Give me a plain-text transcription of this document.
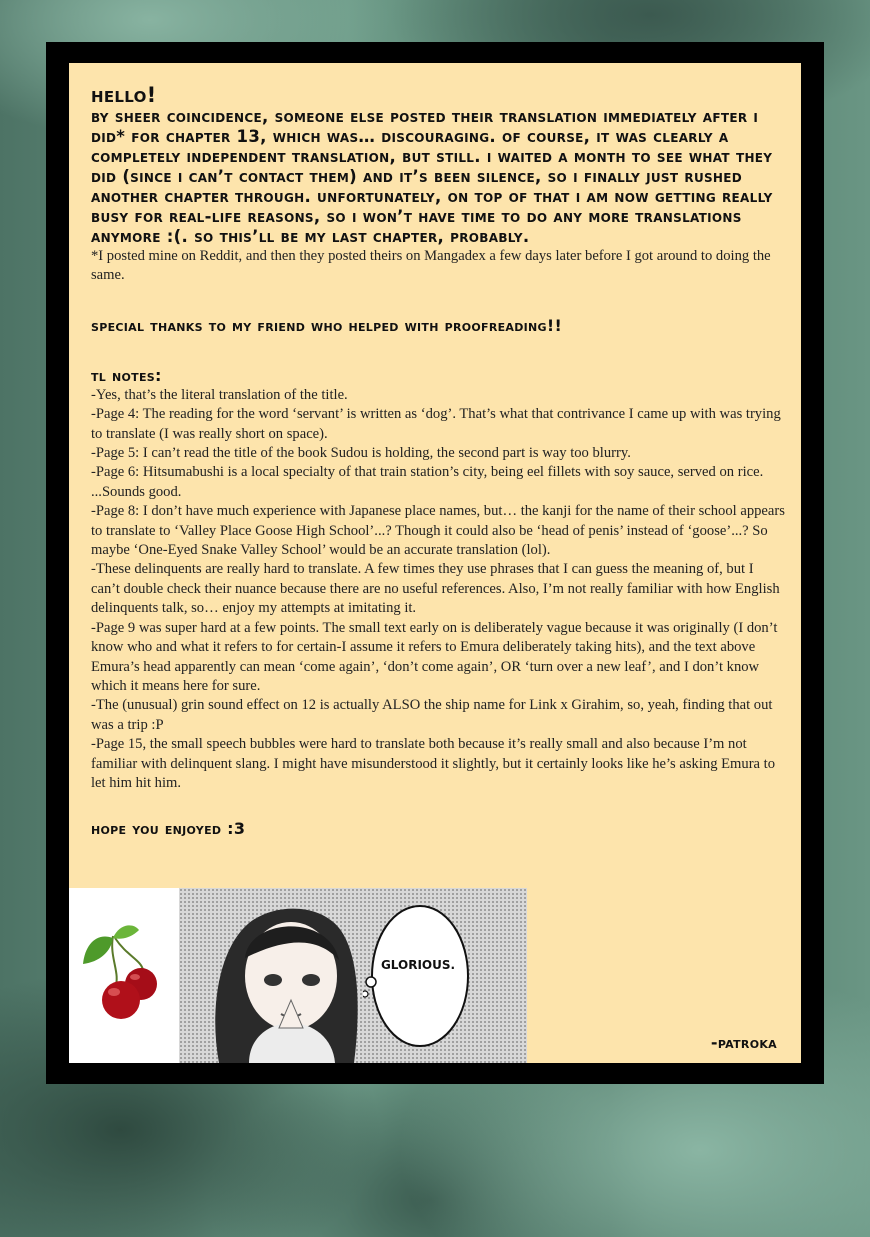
hello!

by sheer coincidence, someone else posted their translation immediately after i did* for chapter 13, which was… discouraging. of course, it was clearly a completely independent translation, but still. i waited a month to see what they did (since i can’t contact them) and it’s been silence, so i finally just rushed another chapter through. unfortunately, on top of that i am now getting really busy for real-life reasons, so i won’t have time to do any more translations anymore :(. so this’ll be my last chapter, probably.

*I posted mine on Reddit, and then they posted theirs on Mangadex a few days later before I got around to doing the same.

special thanks to my friend who helped with proofreading!!

tl notes:

-Yes, that’s the literal translation of the title.

-Page 4: The reading for the word ‘servant’ is written as ‘dog’. That’s what that contrivance I came up with was trying to translate (I was really short on space).

-Page 5: I can’t read the title of the book Sudou is holding, the second part is way too blurry.

-Page 6: Hitsumabushi is a local specialty of that train station’s city, being eel fillets with soy sauce, served on rice. ...Sounds good.

-Page 8: I don’t have much experience with Japanese place names, but… the kanji for the name of their school appears to translate to ‘Valley Place Goose High School’...? Though it could also be ‘head of penis’ instead of ‘goose’...? So maybe ‘One-Eyed Snake Valley School’ would be an accurate translation (lol).

-These delinquents are really hard to translate. A few times they use phrases that I can guess the meaning of, but I can’t double check their nuance because there are no useful references. Also, I’m not really familiar with how English delinquents talk, so… enjoy my attempts at imitating it.

-Page 9 was super hard at a few points. The small text early on is deliberately vague because it was originally (I don’t know who and what it refers to for certain-I assume it refers to Emura deliberately taking hits), and the text above Emura’s head apparently can mean ‘come again’, ‘don’t come again’, OR ‘turn over a new leaf’, and I don’t know which it means here for sure.

-The (unusual) grin sound effect on 12 is actually ALSO the ship name for Link x Girahim, so, yeah, finding that out was a trip :P

-Page 15, the small speech bubbles were hard to translate both because it’s really small and also because I’m not familiar with delinquent slang. I might have misunderstood it slightly, but it certainly looks like he’s asking Emura to let him hit him.

hope you enjoyed :3

GLORIOUS.

-patroka
